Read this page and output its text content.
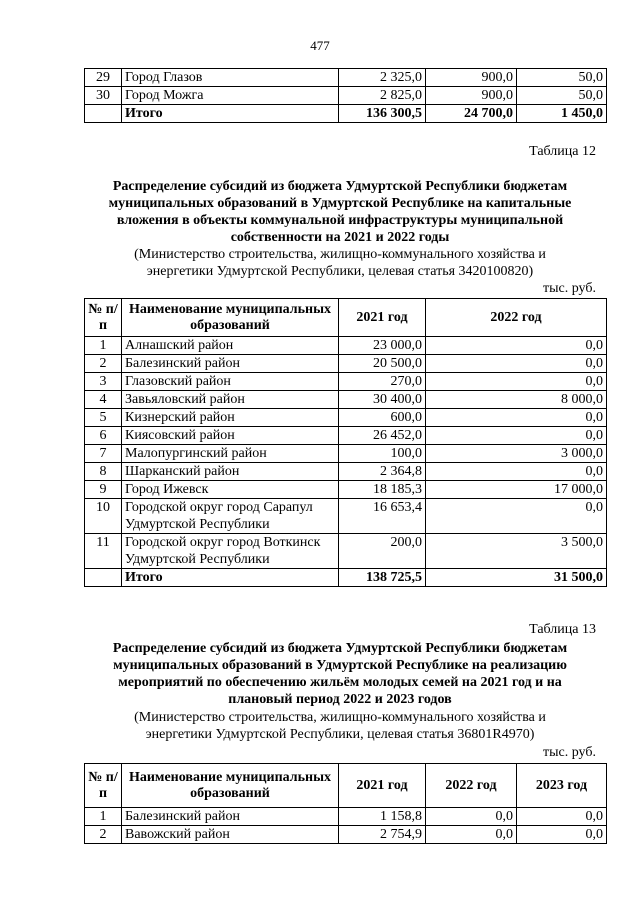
477
29	Город Глазов	2 325,0	900,0	50,0
30	Город Можга	2 825,0	900,0	50,0
	Итого	136 300,5	24 700,0	1 450,0
Таблица 12
Распределение субсидий из бюджета Удмуртской Республики бюджетам
муниципальных образований в Удмуртской Республике на капитальные
вложения в объекты коммунальной инфраструктуры муниципальной
собственности на 2021 и 2022 годы
(Министерство строительства, жилищно-коммунального хозяйства и
энергетики Удмуртской Республики, целевая статья 3420100820)
тыс. руб.
№ п/п	Наименование муниципальных образований	2021 год	2022 год
1	Алнашский район	23 000,0	0,0
2	Балезинский район	20 500,0	0,0
3	Глазовский район	270,0	0,0
4	Завьяловский район	30 400,0	8 000,0
5	Кизнерский район	600,0	0,0
6	Киясовский район	26 452,0	0,0
7	Малопургинский район	100,0	3 000,0
8	Шарканский район	2 364,8	0,0
9	Город Ижевск	18 185,3	17 000,0
10	Городской округ город Сарапул Удмуртской Республики	16 653,4	0,0
11	Городской округ город Воткинск Удмуртской Республики	200,0	3 500,0
	Итого	138 725,5	31 500,0
Таблица 13
Распределение субсидий из бюджета Удмуртской Республики бюджетам
муниципальных образований в Удмуртской Республике на реализацию
мероприятий по обеспечению жильём молодых семей на 2021 год и на
плановый период 2022 и 2023 годов
(Министерство строительства, жилищно-коммунального хозяйства и
энергетики Удмуртской Республики, целевая статья 36801R4970)
тыс. руб.
№ п/п	Наименование муниципальных образований	2021 год	2022 год	2023 год
1	Балезинский район	1 158,8	0,0	0,0
2	Вавожский район	2 754,9	0,0	0,0
